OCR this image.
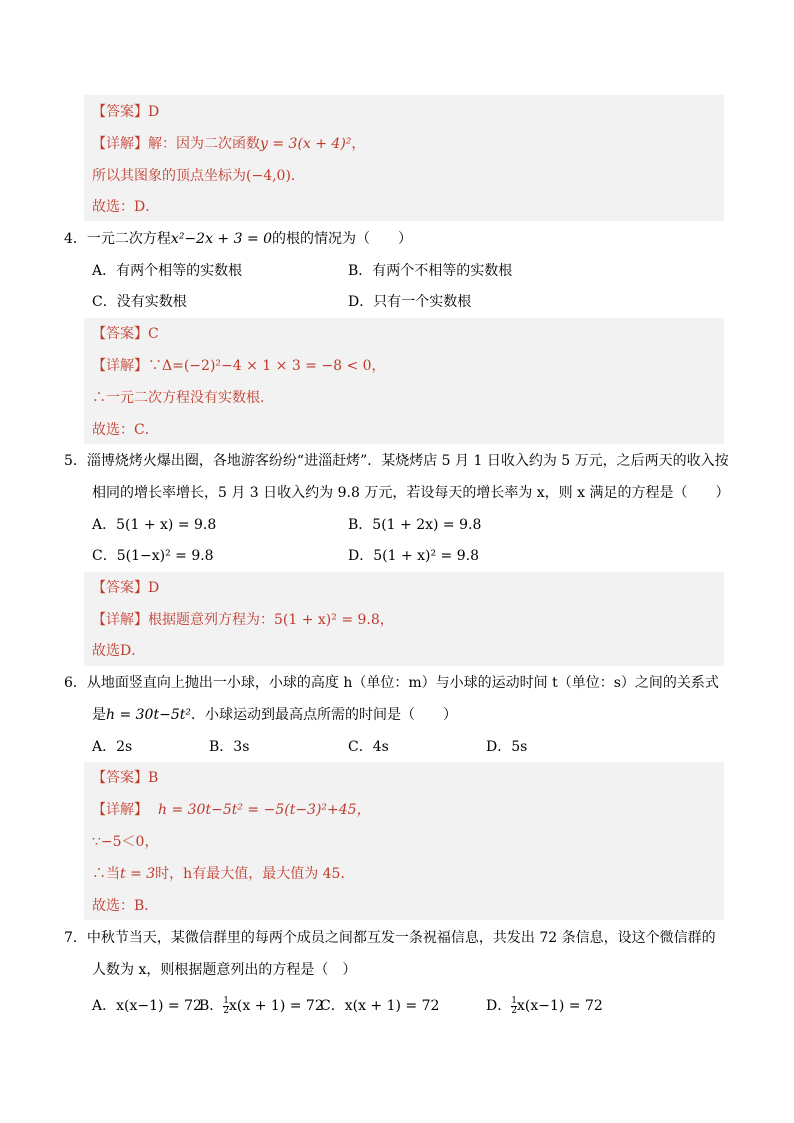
【答案】D
【详解】解：因为二次函数y = 3(x + 4)²，
所以其图象的顶点坐标为(−4,0)．
故选：D．
4．一元二次方程x²−2x + 3 = 0的根的情况为（　　）
A．有两个相等的实数根	B．有两个不相等的实数根
C．没有实数根	D．只有一个实数根
【答案】C
【详解】∵Δ=(−2)²−4 × 1 × 3 = −8 < 0，
∴一元二次方程没有实数根.
故选：C．
5．淄博烧烤火爆出圈，各地游客纷纷“进淄赶烤”．某烧烤店 5 月 1 日收入约为 5 万元，之后两天的收入按
相同的增长率增长，5 月 3 日收入约为 9.8 万元，若设每天的增长率为 x，则 x 满足的方程是（　　）
A．5(1 + x) = 9.8	B．5(1 + 2x) = 9.8
C．5(1−x)² = 9.8	D．5(1 + x)² = 9.8
【答案】D
【详解】根据题意列方程为：5(1 + x)² = 9.8，
故选D．
6．从地面竖直向上抛出一小球，小球的高度 h（单位：m）与小球的运动时间 t（单位：s）之间的关系式
是h = 30t−5t²．小球运动到最高点所需的时间是（　　）
A．2s	B．3s	C．4s	D．5s
【答案】B
【详解】 h = 30t−5t² = −5(t−3)²+45，
∵−5＜0，
∴当t = 3时，h有最大值，最大值为 45．
故选：B．
7．中秋节当天，某微信群里的每两个成员之间都互发一条祝福信息，共发出 72 条信息，设这个微信群的
人数为 x，则根据题意列出的方程是（　）
A．x(x−1) = 72
B． $\frac{1}{2} x(x + 1) = 72$
C．x(x + 1) = 72	D． $\frac{1}{2} x(x-1) = 72$
